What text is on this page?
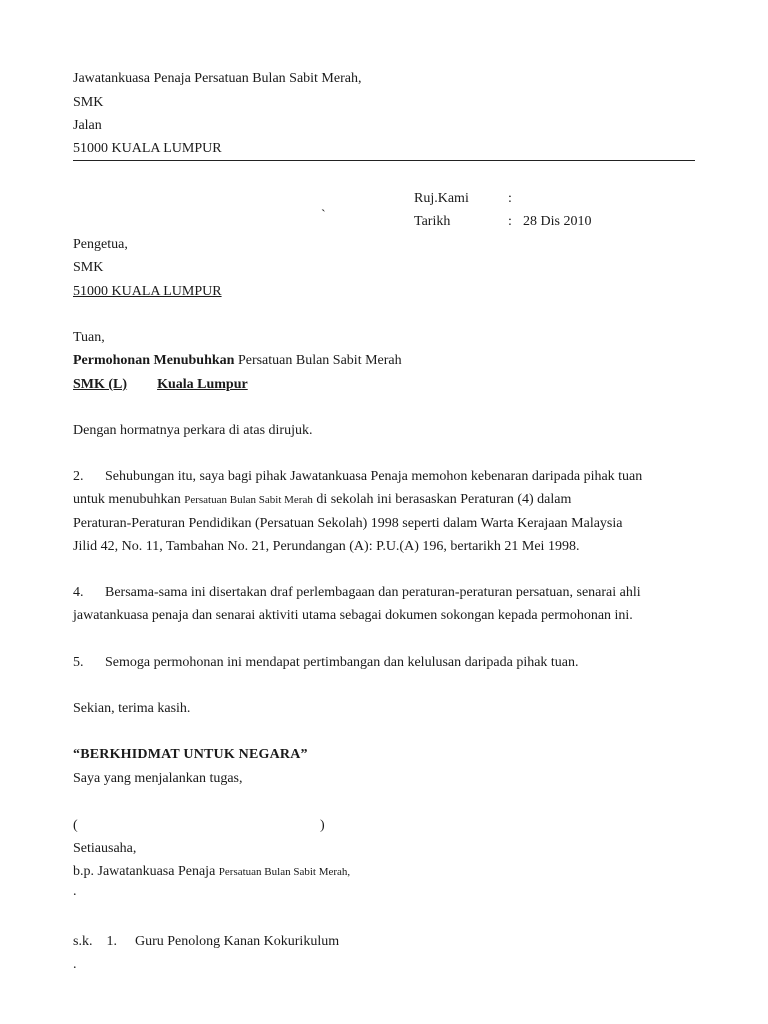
Jawatankuasa Penaja Persatuan Bulan Sabit Merah,
SMK
Jalan
51000 KUALA LUMPUR
Ruj.Kami	:
`	Tarikh	: 28 Dis 2010
Pengetua,
SMK
51000 KUALA LUMPUR
Tuan,
Permohonan Menubuhkan Persatuan Bulan Sabit Merah
SMK (L) Kuala Lumpur
Dengan hormatnya perkara di atas dirujuk.
2. Sehubungan itu, saya bagi pihak Jawatankuasa Penaja memohon kebenaran daripada pihak tuan
untuk menubuhkan Persatuan Bulan Sabit Merah di sekolah ini berasaskan Peraturan (4) dalam
Peraturan-Peraturan Pendidikan (Persatuan Sekolah) 1998 seperti dalam Warta Kerajaan Malaysia
Jilid 42, No. 11, Tambahan No. 21, Perundangan (A): P.U.(A) 196, bertarikh 21 Mei 1998.
4. Bersama-sama ini disertakan draf perlembagaan dan peraturan-peraturan persatuan, senarai ahli
jawatankuasa penaja dan senarai aktiviti utama sebagai dokumen sokongan kepada permohonan ini.
5. Semoga permohonan ini mendapat pertimbangan dan kelulusan daripada pihak tuan.
Sekian, terima kasih.
“BERKHIDMAT UNTUK NEGARA”
Saya yang menjalankan tugas,
(	)
Setiausaha,
b.p. Jawatankuasa Penaja Persatuan Bulan Sabit Merah,
.
s.k. 1. Guru Penolong Kanan Kokurikulum
.
